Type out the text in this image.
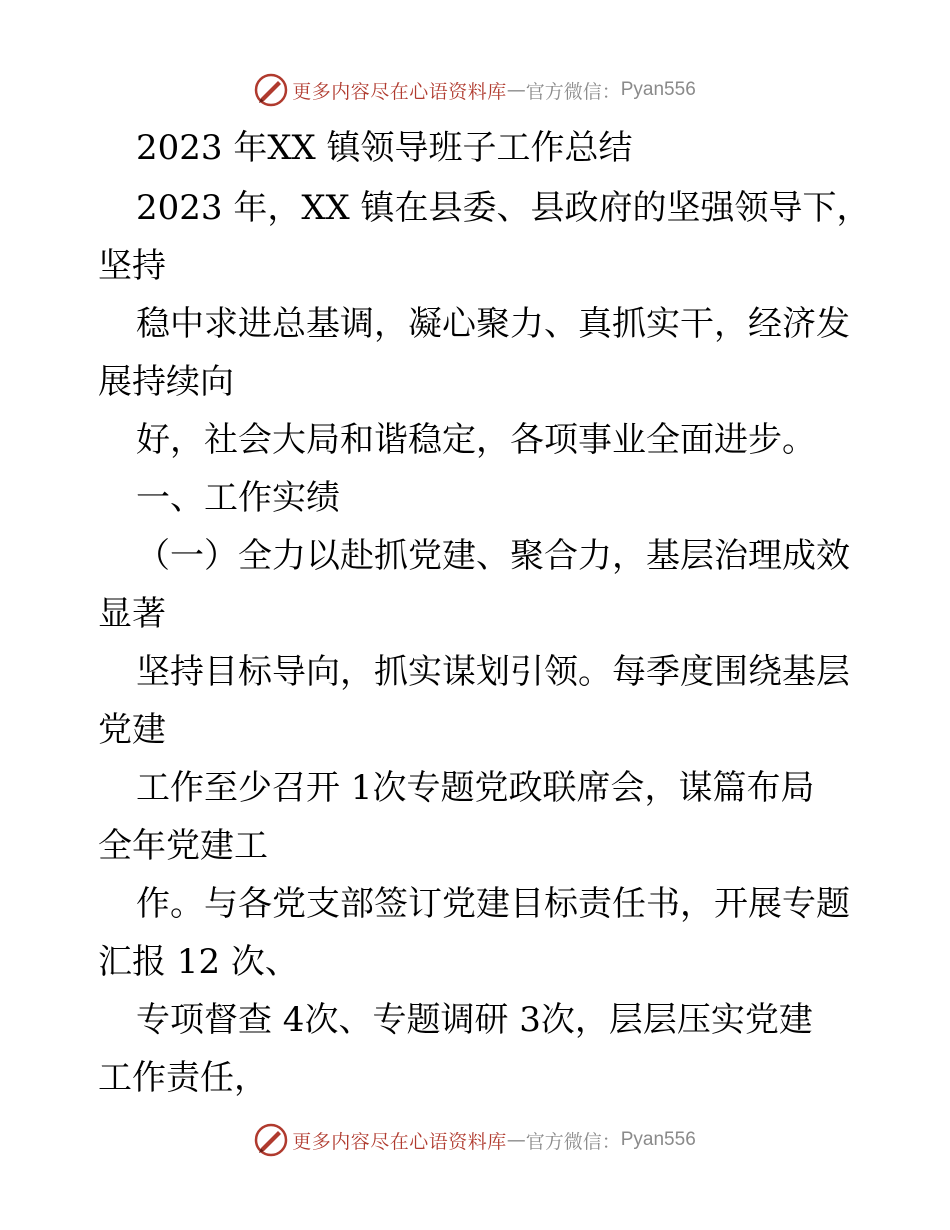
更多内容尽在心语资料库 — 官方微信： Pyan556
2023 年XX 镇领导班子工作总结
2023 年，XX 镇在县委、县政府的坚强领导下，
坚持
稳中求进总基调，凝心聚力、真抓实干，经济发
展持续向
好，社会大局和谐稳定，各项事业全面进步。
一、工作实绩
（一）全力以赴抓党建、聚合力，基层治理成效
显著
坚持目标导向，抓实谋划引领。每季度围绕基层
党建
工作至少召开 1次专题党政联席会，谋篇布局
全年党建工
作。与各党支部签订党建目标责任书，开展专题
汇报 12 次、
专项督查 4次、专题调研 3次，层层压实党建
工作责任，
更多内容尽在心语资料库 — 官方微信： Pyan556
